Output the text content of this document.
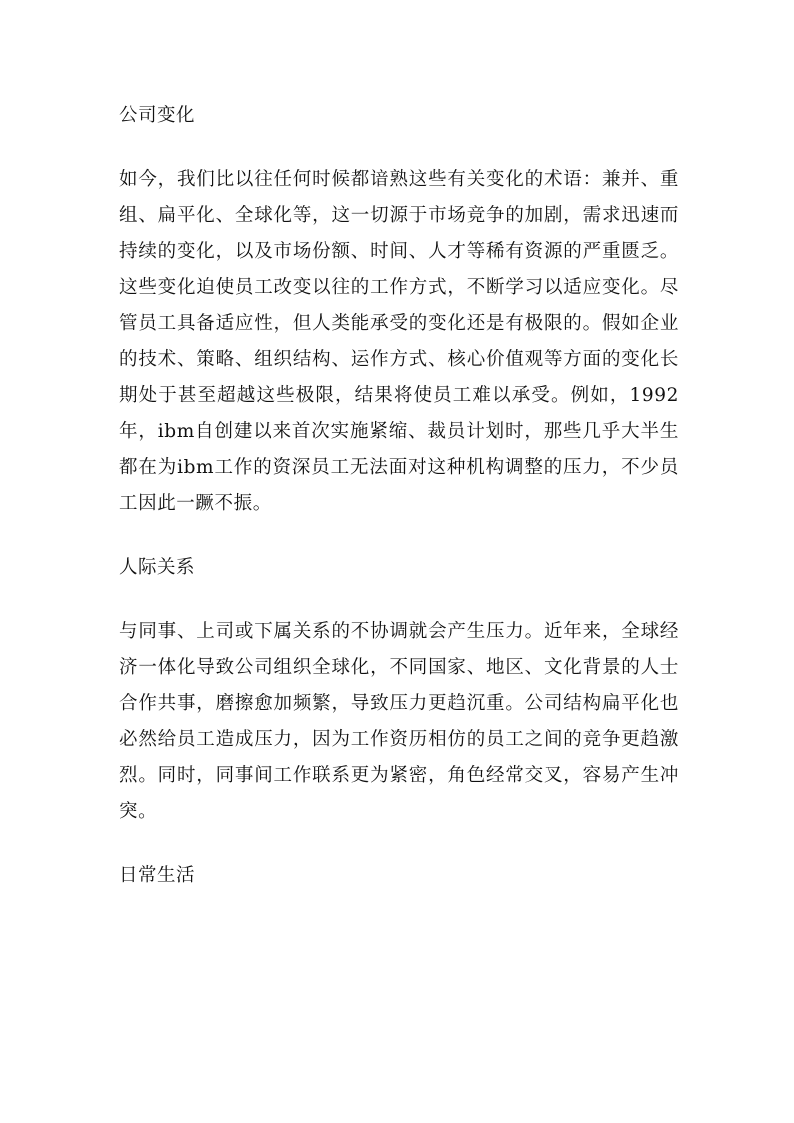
公司变化

如今，我们比以往任何时候都谙熟这些有关变化的术语：兼并、重组、扁平化、全球化等，这一切源于市场竞争的加剧，需求迅速而持续的变化，以及市场份额、时间、人才等稀有资源的严重匮乏。这些变化迫使员工改变以往的工作方式，不断学习以适应变化。尽管员工具备适应性，但人类能承受的变化还是有极限的。假如企业的技术、策略、组织结构、运作方式、核心价值观等方面的变化长期处于甚至超越这些极限，结果将使员工难以承受。例如，1992年，ibm自创建以来首次实施紧缩、裁员计划时，那些几乎大半生都在为ibm工作的资深员工无法面对这种机构调整的压力，不少员工因此一蹶不振。

人际关系

与同事、上司或下属关系的不协调就会产生压力。近年来，全球经济一体化导致公司组织全球化，不同国家、地区、文化背景的人士合作共事，磨擦愈加频繁，导致压力更趋沉重。公司结构扁平化也必然给员工造成压力，因为工作资历相仿的员工之间的竞争更趋激烈。同时，同事间工作联系更为紧密，角色经常交叉，容易产生冲突。

日常生活
